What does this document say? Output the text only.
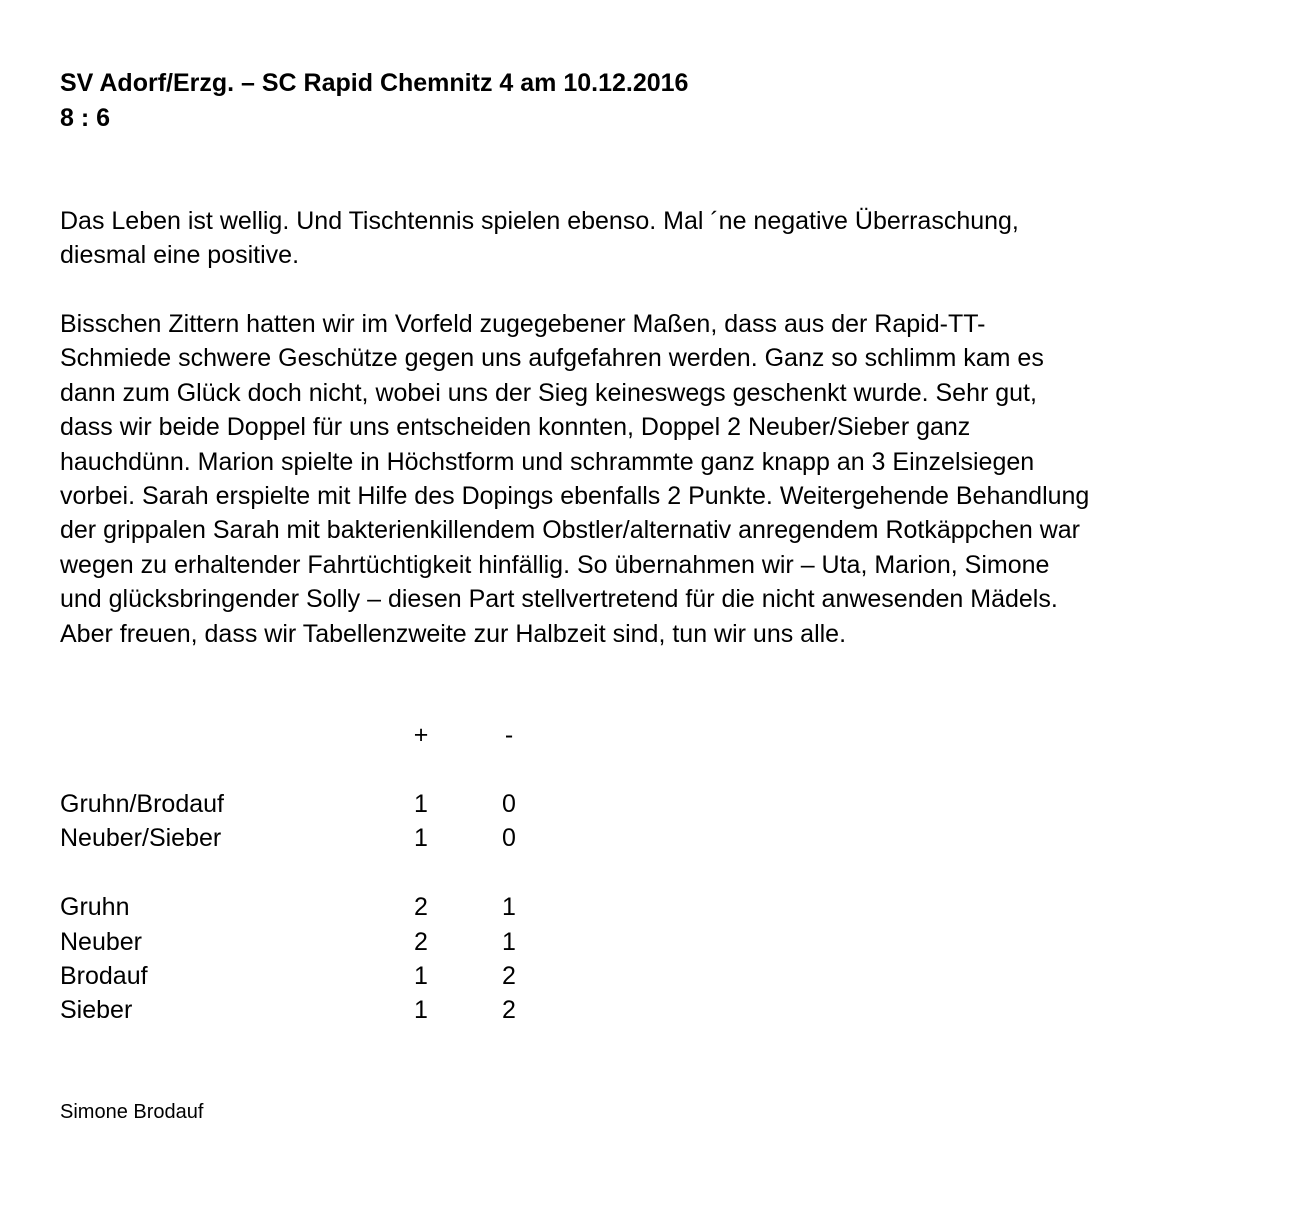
SV Adorf/Erzg. – SC Rapid Chemnitz 4 am 10.12.2016
8 : 6
Das Leben ist wellig. Und Tischtennis spielen ebenso. Mal ´ne negative Überraschung,
diesmal eine positive.
Bisschen Zittern hatten wir im Vorfeld zugegebener Maßen, dass aus der Rapid-TT-
Schmiede schwere Geschütze gegen uns aufgefahren werden. Ganz so schlimm kam es
dann zum Glück doch nicht, wobei uns der Sieg keineswegs geschenkt wurde. Sehr gut,
dass wir beide Doppel für uns entscheiden konnten, Doppel 2 Neuber/Sieber ganz
hauchdünn. Marion spielte in Höchstform und schrammte ganz knapp an 3 Einzelsiegen
vorbei. Sarah erspielte mit Hilfe des Dopings ebenfalls 2 Punkte. Weitergehende Behandlung
der grippalen Sarah mit bakterienkillendem Obstler/alternativ anregendem Rotkäppchen war
wegen zu erhaltender Fahrtüchtigkeit hinfällig. So übernahmen wir – Uta, Marion, Simone
und glücksbringender Solly – diesen Part stellvertretend für die nicht anwesenden Mädels.
Aber freuen, dass wir Tabellenzweite zur Halbzeit sind, tun wir uns alle.
+	-
Gruhn/Brodauf	1	0
Neuber/Sieber	1	0
Gruhn	2	1
Neuber	2	1
Brodauf	1	2
Sieber	1	2
Simone Brodauf
